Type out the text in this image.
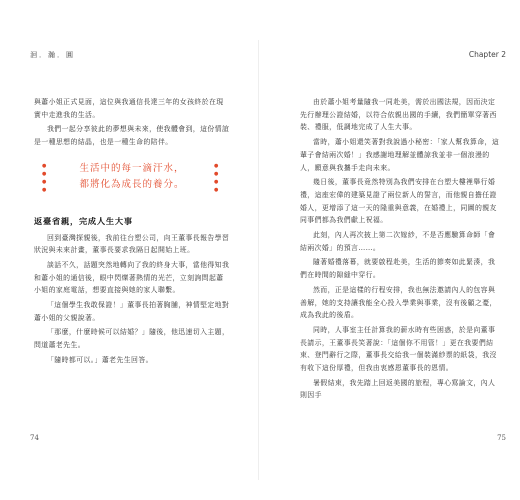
洄．瀚．圓

與蕭小姐正式見面，這位與我通信長達三年的女孩終於在現實中走進我的生活。

我們一起分享彼此的夢想與未來，使我體會到，這份情誼是一種思想的結晶，也是一種生命的陪伴。

●
●
●
●
生活中的每一滴汗水，
都將化為成長的養分。
●
●
●
●
返臺省親，完成人生大事

回到臺灣探親後，我前往台塑公司，向王董事長報告學習狀況與未來計畫，董事長要求我隔日起開始上班。

談話不久，話題突然地轉向了我的終身大事，當他得知我和蕭小姐的通信後，眼中閃爍著熱情的光芒，立刻詢問起蕭小姐的家庭電話，想要直接與她的家人聯繫。

「這個學生我敢保證！」董事長拍著胸脯，神情堅定地對蕭小姐的父親說著。

「那麼，什麼時候可以結婚？」隨後，他迅速切入主題，問道蕭老先生。

「隨時都可以。」蕭老先生回答。

74
Chapter 2

由於蕭小姐考量隨我一同赴美，需於出國法規，因而決定先行辦理公證結婚，以符合依親出國的手續，我們簡單穿著西裝、禮服，低調地完成了人生大事。

當時，蕭小姐還笑著對我說過小秘密：「家人幫我算命，這輩子會結兩次婚！」我感謝地理解並體諒我並非一個浪漫的人，願意與我攜手走向未來。

幾日後，董事長竟然特別為我們安排在台塑大樓裡舉行婚禮，這座宏偉的建築見證了兩位新人的誓言，而他親自擔任證婚人，更增添了這一天的隆重與意義，在婚禮上，同圖的親友同事們都為我們獻上祝福。

此刻，內人再次披上第二次嫁紗，不是否應驗算命師「會結兩次婚」的預言……。

隨著婚禮落幕，就要啟程赴美，生活的節奏如此緊湊，我們在時間的隙縫中穿行。

然而，正是這樣的行程安排，我也無法邀請內人的包容與善解，她的支持讓我能全心投入學業與事業，沒有後顧之憂，成為我此的後盾。

同時，人事室主任計算我的薪水時有些困惑，於是向董事長請示，王董事長笑著說：「這個你不用管！」更在我要們結束、登門辭行之際，董事長交給我一個裝滿紗票的紙袋，我沒有收下這份厚禮，但我由衷感恩董事長的恩情。

暑假結束，我先踏上回返美國的旅程，專心寫論文，內人則因手

75
